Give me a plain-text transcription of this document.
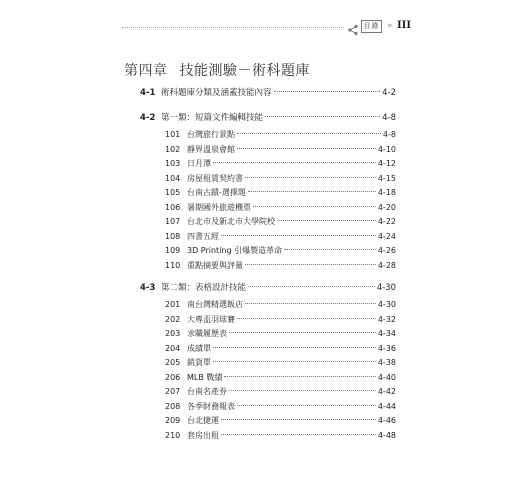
目錄 » III
第四章 技能測驗－術科題庫
4-1 術科題庫分類及涵蓋技能內容	4-2
4-2 第一類：短篇文件編輯技能	4-8
101 台灣旅行景點	4-8
102 靜界溫泉會館	4-10
103 日月潭	4-12
104 房屋租賃契約書	4-15
105 台南古蹟-選擇題	4-18
106 暑期國外旅遊機票	4-20
107 台北市及新北市大學院校	4-22
108 四書五經	4-24
109 3D Printing 引爆製造革命	4-26
110 重點摘要與評量	4-28
4-3 第二類：表格設計技能	4-30
201 南台灣精選飯店	4-30
202 大專盃羽球賽	4-32
203 求職履歷表	4-34
204 成績單	4-36
205 銷貨單	4-38
206 MLB 戰績	4-40
207 台南名產券	4-42
208 各季財務報表	4-44
209 台北捷運	4-46
210 套房出租	4-48
